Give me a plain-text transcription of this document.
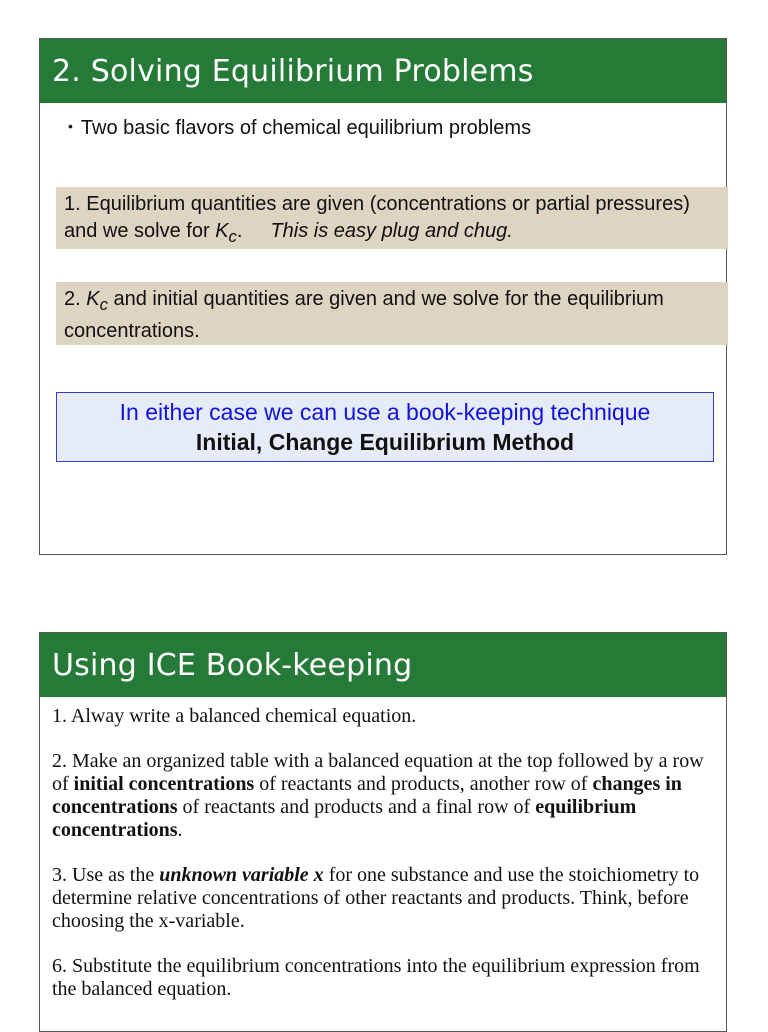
2. Solving Equilibrium Problems
• Two basic flavors of chemical equilibrium problems
1. Equilibrium quantities are given (concentrations or partial pressures) and we solve for $K_c$. This is easy plug and chug.
2. $K_c$ and initial quantities are given and we solve for the equilibrium concentrations.
In either case we can use a book-keeping technique
Initial, Change Equilibrium Method
Using ICE Book-keeping

1. Alway write a balanced chemical equation.

2. Make an organized table with a balanced equation at the top followed by a row of initial concentrations of reactants and products, another row of changes in concentrations of reactants and products and a final row of equilibrium concentrations.

3. Use as the unknown variable x for one substance and use the stoichiometry to determine relative concentrations of other reactants and products. Think, before choosing the x-variable.

6. Substitute the equilibrium concentrations into the equilibrium expression from the balanced equation.
